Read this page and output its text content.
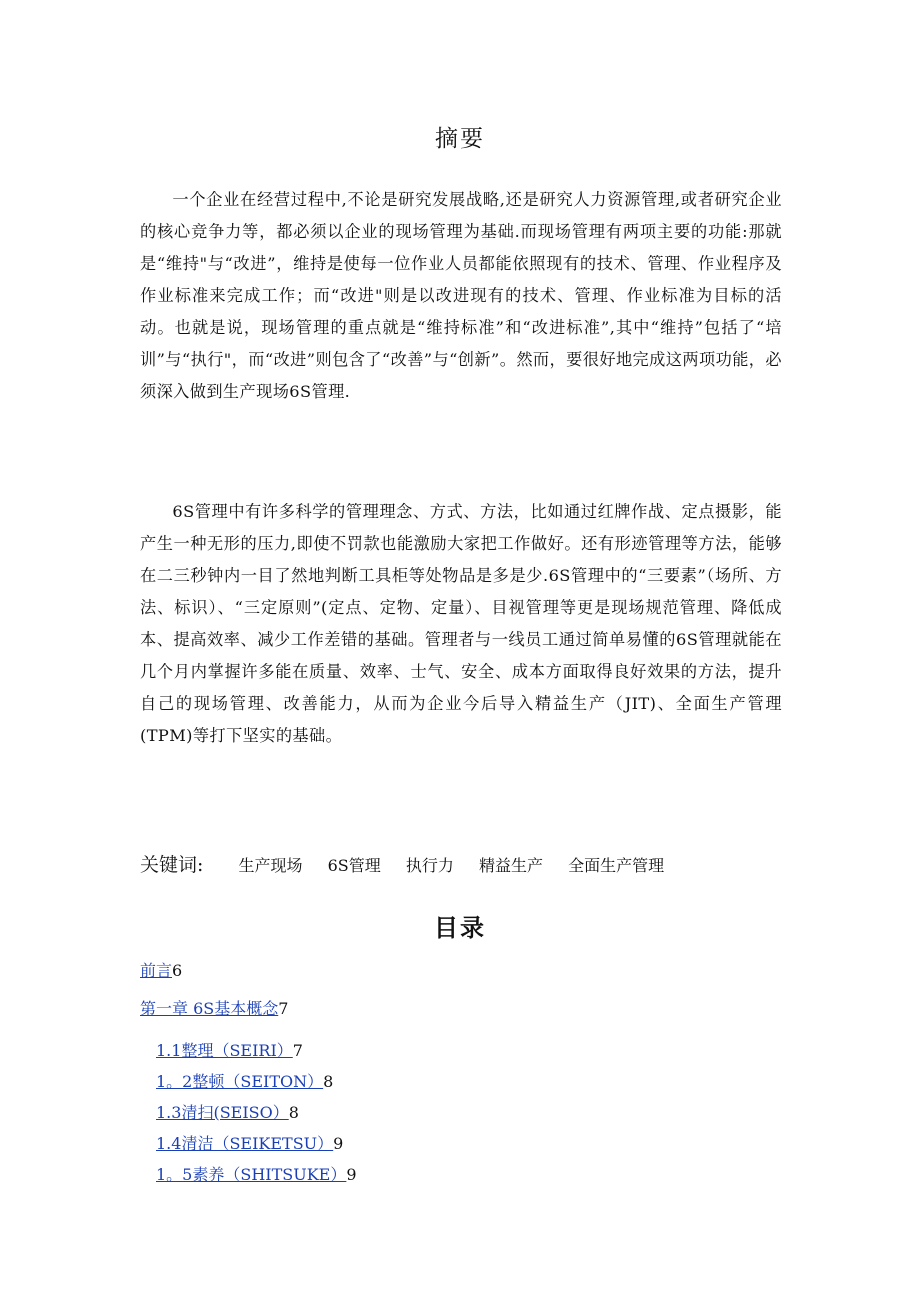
摘要

一个企业在经营过程中,不论是研究发展战略,还是研究人力资源管理,或者研究企业的核心竞争力等，都必须以企业的现场管理为基础.而现场管理有两项主要的功能:那就是“维持"与“改进”，维持是使每一位作业人员都能依照现有的技术、管理、作业程序及作业标准来完成工作；而“改进"则是以改进现有的技术、管理、作业标准为目标的活动。也就是说，现场管理的重点就是“维持标准”和“改进标准”,其中“维持”包括了“培训”与“执行"，而“改进”则包含了“改善”与“创新”。然而，要很好地完成这两项功能，必须深入做到生产现场6S管理.

6S管理中有许多科学的管理理念、方式、方法，比如通过红牌作战、定点摄影，能产生一种无形的压力,即使不罚款也能激励大家把工作做好。还有形迹管理等方法，能够在二三秒钟内一目了然地判断工具柜等处物品是多是少.6S管理中的“三要素”（场所、方法、标识）、“三定原则”(定点、定物、定量）、目视管理等更是现场规范管理、降低成本、提高效率、减少工作差错的基础。管理者与一线员工通过简单易懂的6S管理就能在几个月内掌握许多能在质量、效率、士气、安全、成本方面取得良好效果的方法，提升自己的现场管理、改善能力，从而为企业今后导入精益生产（JIT)、全面生产管理(TPM)等打下坚实的基础。

关键词: 生产现场 6S管理 执行力 精益生产 全面生产管理
目录
前言6
第一章 6S基本概念7
1.1整理（SEIRI）7
1。2整顿（SEITON）8
1.3清扫(SEISO）8
1.4清洁（SEIKETSU）9
1。5素养（SHITSUKE）9
